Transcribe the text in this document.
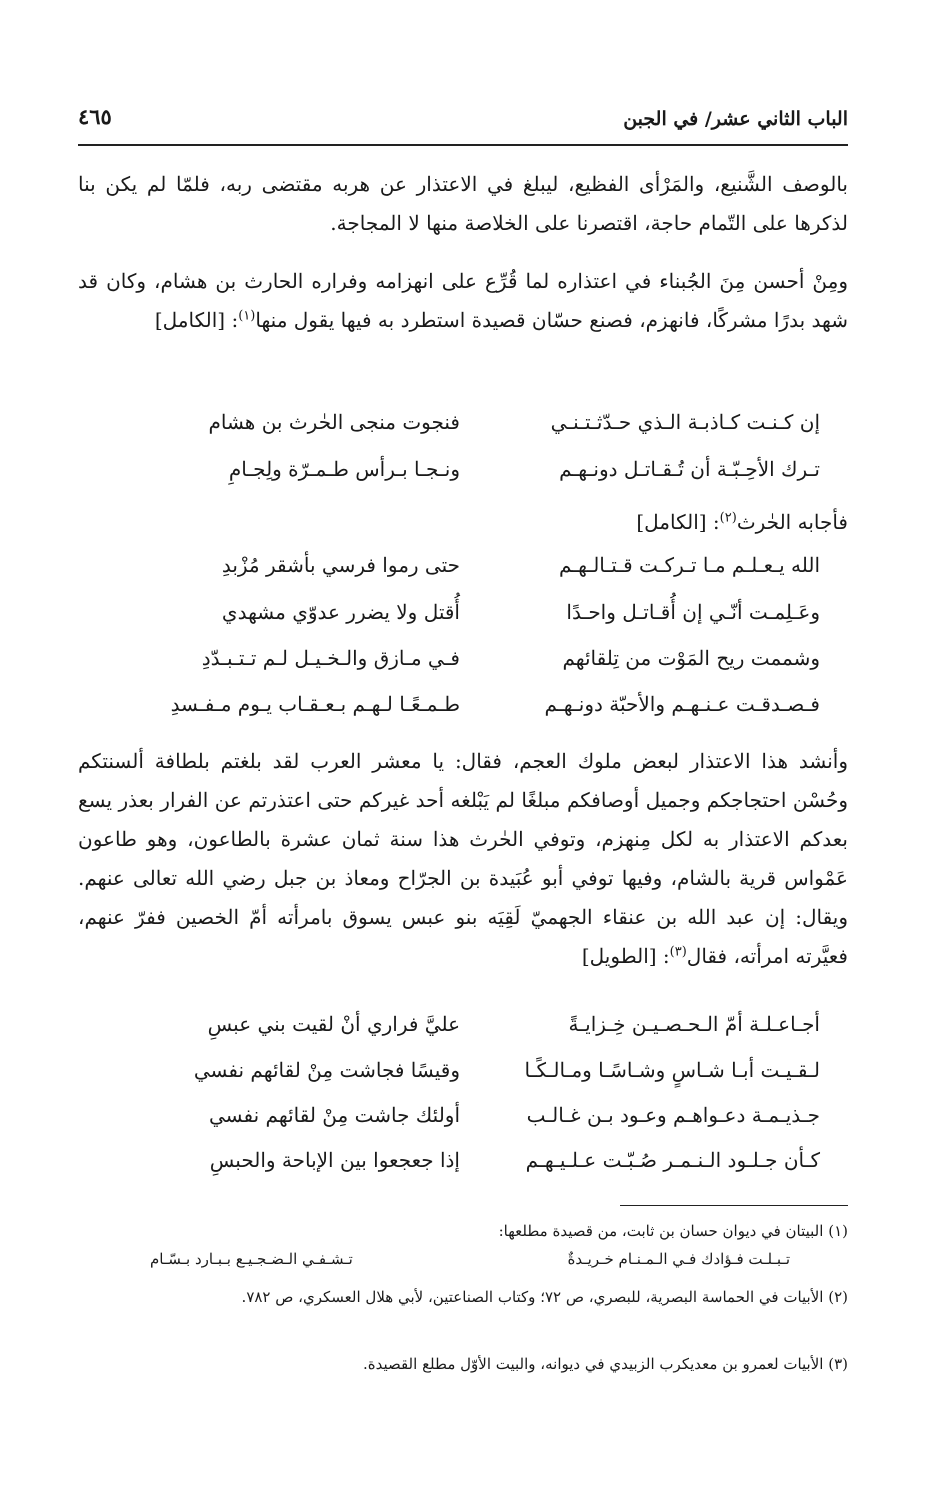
الباب الثاني عشر/ في الجبن
٤٦٥

بالوصف الشَّنيع، والمَرْأى الفظيع، ليبلغ في الاعتذار عن هربه مقتضى ربه، فلمّا لم يكن بنا لذكرها على التّمام حاجة، اقتصرنا على الخلاصة منها لا المجاجة.

ومِنْ أحسن مِنَ الجُبناء في اعتذاره لما قُرِّع على انهزامه وفراره الحارث بن هشام، وكان قد شهد بدرًا مشركًا، فانهزم، فصنع حسّان قصيدة استطرد به فيها يقول منها$^{(١)}$: [الكامل]

إن كـنـت كـاذبـة الـذي حـدّثـتـنـي
فنجوت منجى الحٰرث بن هشام
تـرك الأحِـبّـة أن تُـقـاتـل دونـهـم
ونـجـا بـرأس طـمـرّة ولِجـامِ

فأجابه الحٰرث$^{(٢)}$: [الكامل]

الله يـعـلـم مـا تـركـت قـتـالـهـم
حتى رموا فرسي بأشقر مُزْبدِ
وعَـلِمـت أنّـي إن أُقـاتـل واحـدًا
أُقتل ولا يضرر عدوّي مشهدي
وشممت ريح المَوْت من تِلقائهم
فـي مـازق والـخـيـل لـم تـتـبـدّدِ
فـصـدقـت عـنـهـم والأحبّة دونـهـم
طـمـعًـا لـهـم بـعـقـاب يـوم مـفـسدِ

وأنشد هذا الاعتذار لبعض ملوك العجم، فقال: يا معشر العرب لقد بلغتم بلطافة ألسنتكم وحُسْن احتجاجكم وجميل أوصافكم مبلغًا لم يَبْلغه أحد غيركم حتى اعتذرتم عن الفرار بعذر يسع بعدكم الاعتذار به لكل مِنهزم، وتوفي الحٰرث هذا سنة ثمان عشرة بالطاعون، وهو طاعون عَمْواس قرية بالشام، وفيها توفي أبو عُبَيدة بن الجرّاح ومعاذ بن جبل رضي الله تعالى عنهم. ويقال: إن عبد الله بن عنقاء الجهميّ لَقِيَه بنو عبس يسوق بامرأته أمّ الخصين ففرّ عنهم، فعيَّرته امرأته، فقال$^{(٣)}$: [الطويل]

أجـاعـلـة أمّ الـحـصـيـن خِـزايـةً
عليَّ فراري أنْ لقيت بني عبسِ
لـقـيـت أبـا شـاسٍ وشـاسًـا ومـالـكًـا
وقيسًا فجاشت مِنْ لقائهم نفسي
جـذيـمـة دعـواهـم وعـود بـن غـالـب
أولئك جاشت مِنْ لقائهم نفسي
كـأن جـلـود الـنـمـر صُـبّـت عـلـيـهـم
إذا جعجعوا بين الإباحة والحبسِ

(١) البيتان في ديوان حسان بن ثابت، من قصيدة مطلعها:

تـبـلـت فـؤادك فـي الـمـنـام خـريـدةٌ
تـشـفـي الـضـجـيـع بـبـارد بـسّـام

(٢) الأبيات في الحماسة البصرية، للبصري، ص ٧٢؛ وكتاب الصناعتين، لأبي هلال العسكري، ص ٧٨٢.

(٣) الأبيات لعمرو بن معديكرب الزبيدي في ديوانه، والبيت الأوّل مطلع القصيدة.
